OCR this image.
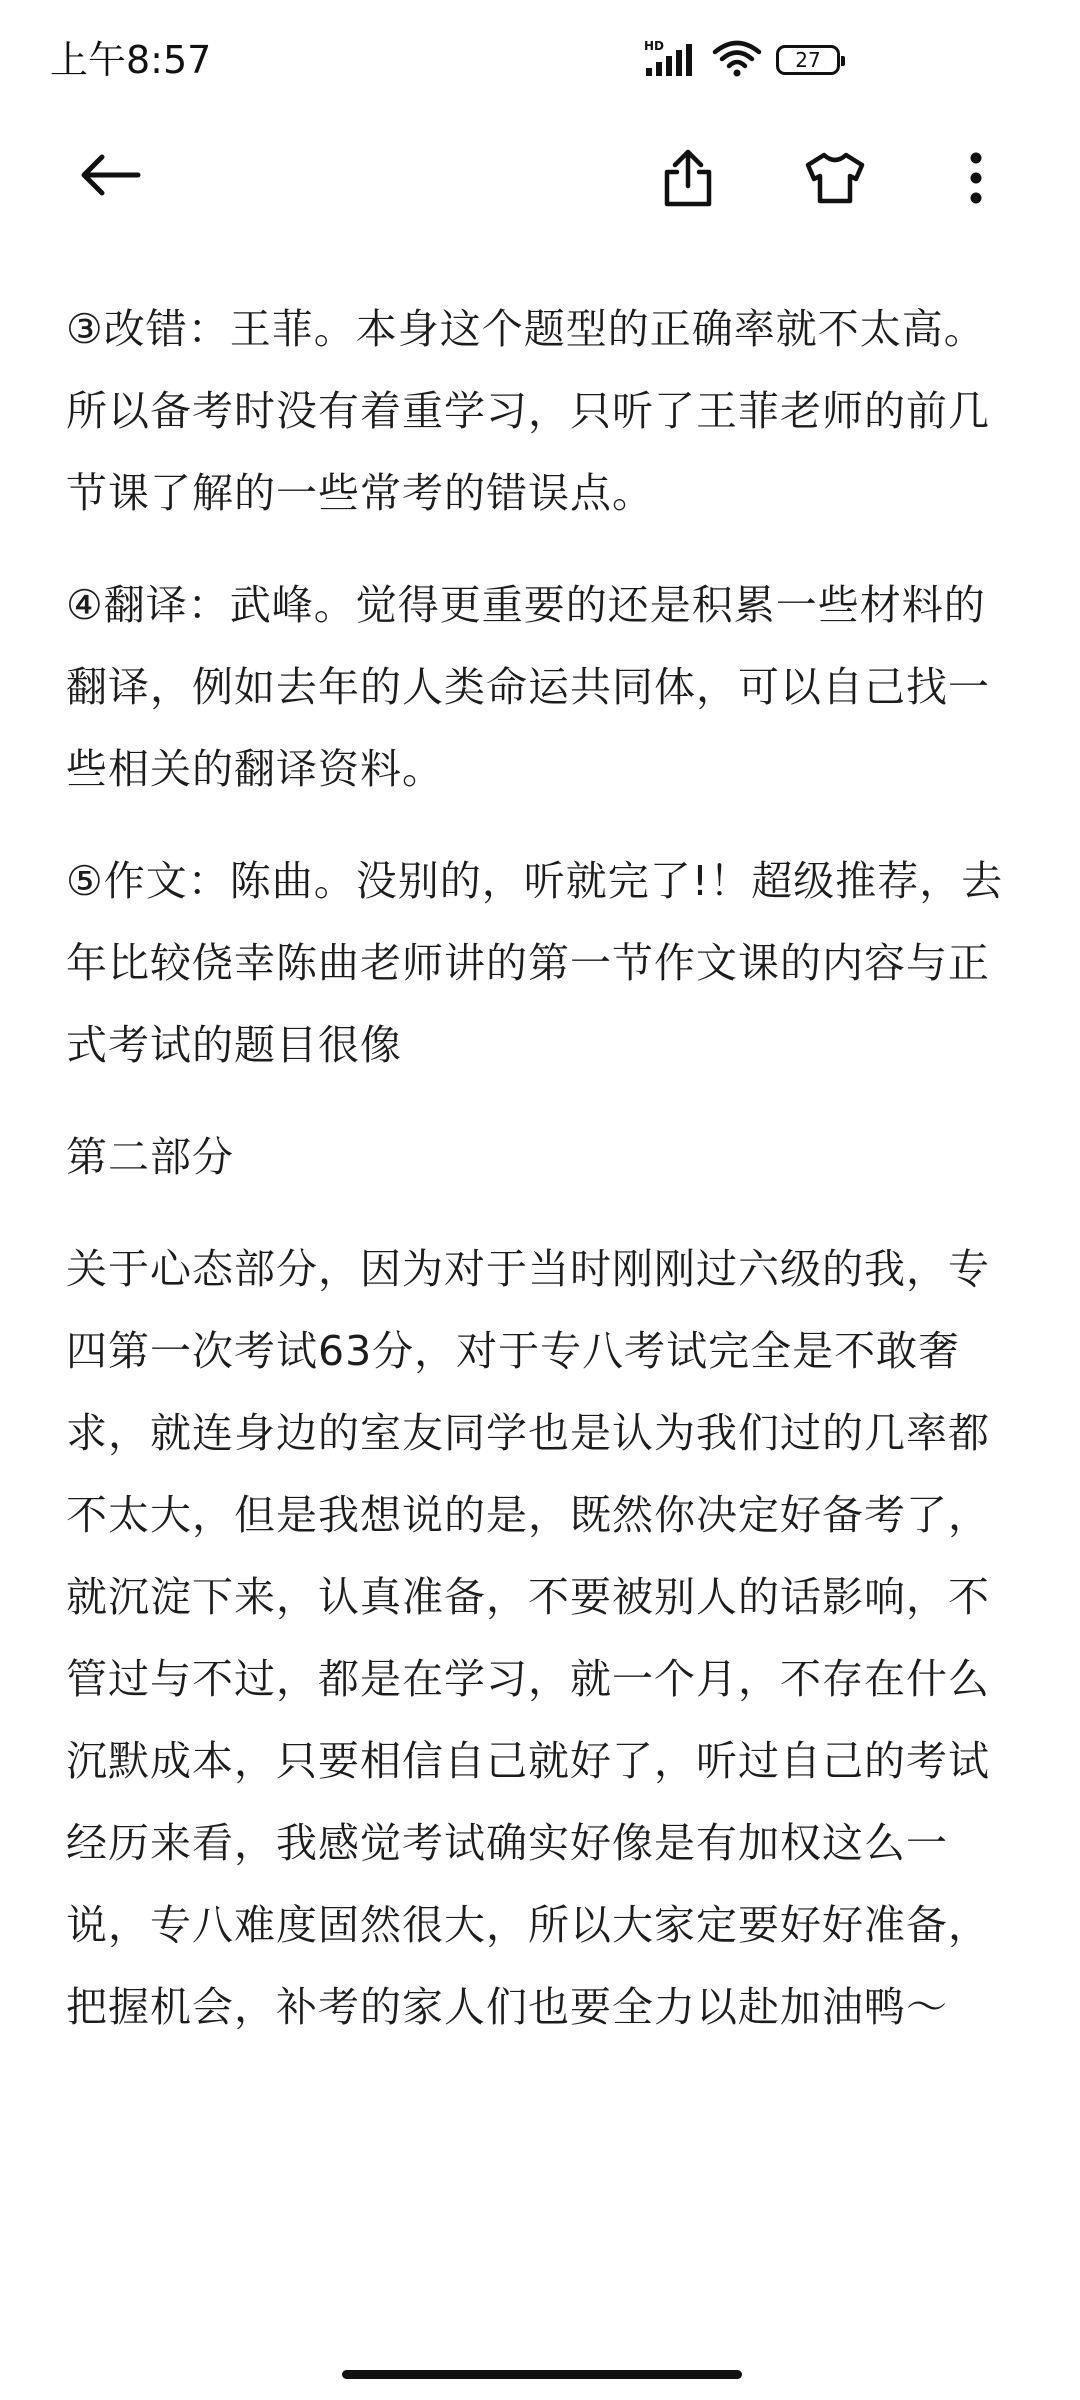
上午8:57	HD
27

③改错：王菲。本身这个题型的正确率就不太高。所以备考时没有着重学习，只听了王菲老师的前几节课了解的一些常考的错误点。

④翻译：武峰。觉得更重要的还是积累一些材料的翻译，例如去年的人类命运共同体，可以自己找一些相关的翻译资料。

⑤作文：陈曲。没别的，听就完了!！超级推荐，去年比较侥幸陈曲老师讲的第一节作文课的内容与正式考试的题目很像

第二部分

关于心态部分，因为对于当时刚刚过六级的我，专四第一次考试63分，对于专八考试完全是不敢奢求，就连身边的室友同学也是认为我们过的几率都不太大，但是我想说的是，既然你决定好备考了，就沉淀下来，认真准备，不要被别人的话影响，不管过与不过，都是在学习，就一个月，不存在什么沉默成本，只要相信自己就好了，听过自己的考试经历来看，我感觉考试确实好像是有加权这么一说，专八难度固然很大，所以大家定要好好准备，把握机会，补考的家人们也要全力以赴加油鸭～
